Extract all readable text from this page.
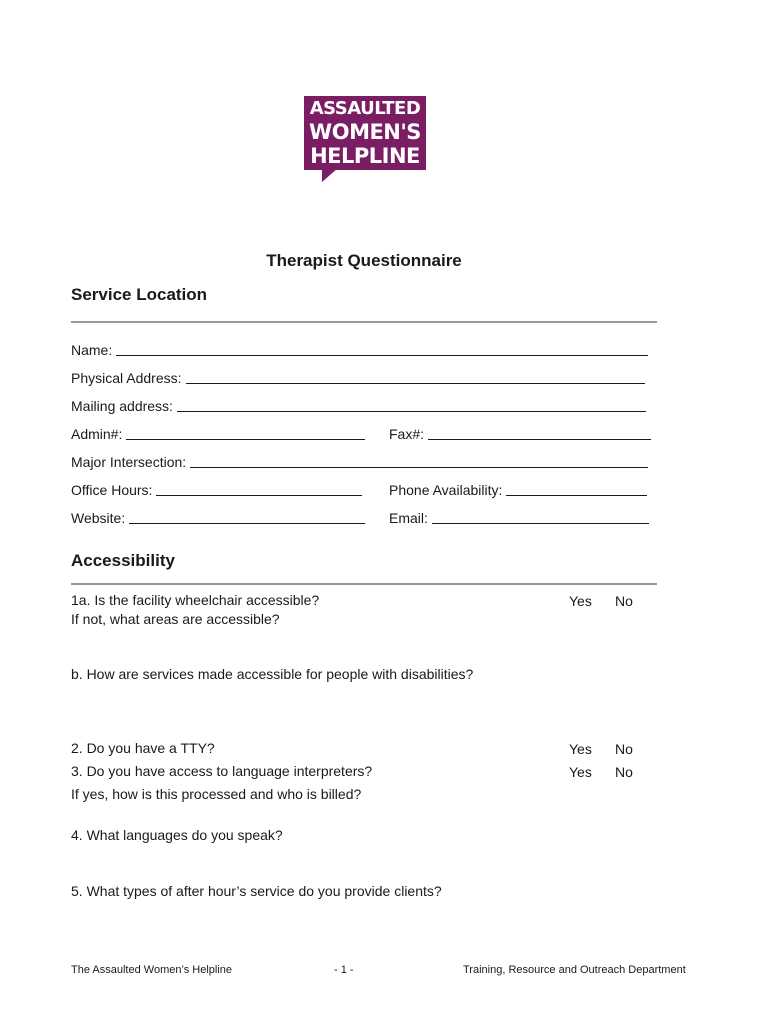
ASSAULTED
WOMEN'S
HELPLINE
Therapist Questionnaire
Service Location
Name:
Physical Address:
Mailing address:
Admin#:	Fax#:
Major Intersection:
Office Hours:	Phone Availability:
Website:	Email:
Accessibility
1a. Is the facility wheelchair accessible?
If not, what areas are accessible?
Yes No
b. How are services made accessible for people with disabilities?
2. Do you have a TTY?	Yes No
3. Do you have access to language interpreters?	Yes No
If yes, how is this processed and who is billed?
4. What languages do you speak?
5. What types of after hour’s service do you provide clients?
The Assaulted Women’s Helpline	- 1 -	Training, Resource and Outreach Department
